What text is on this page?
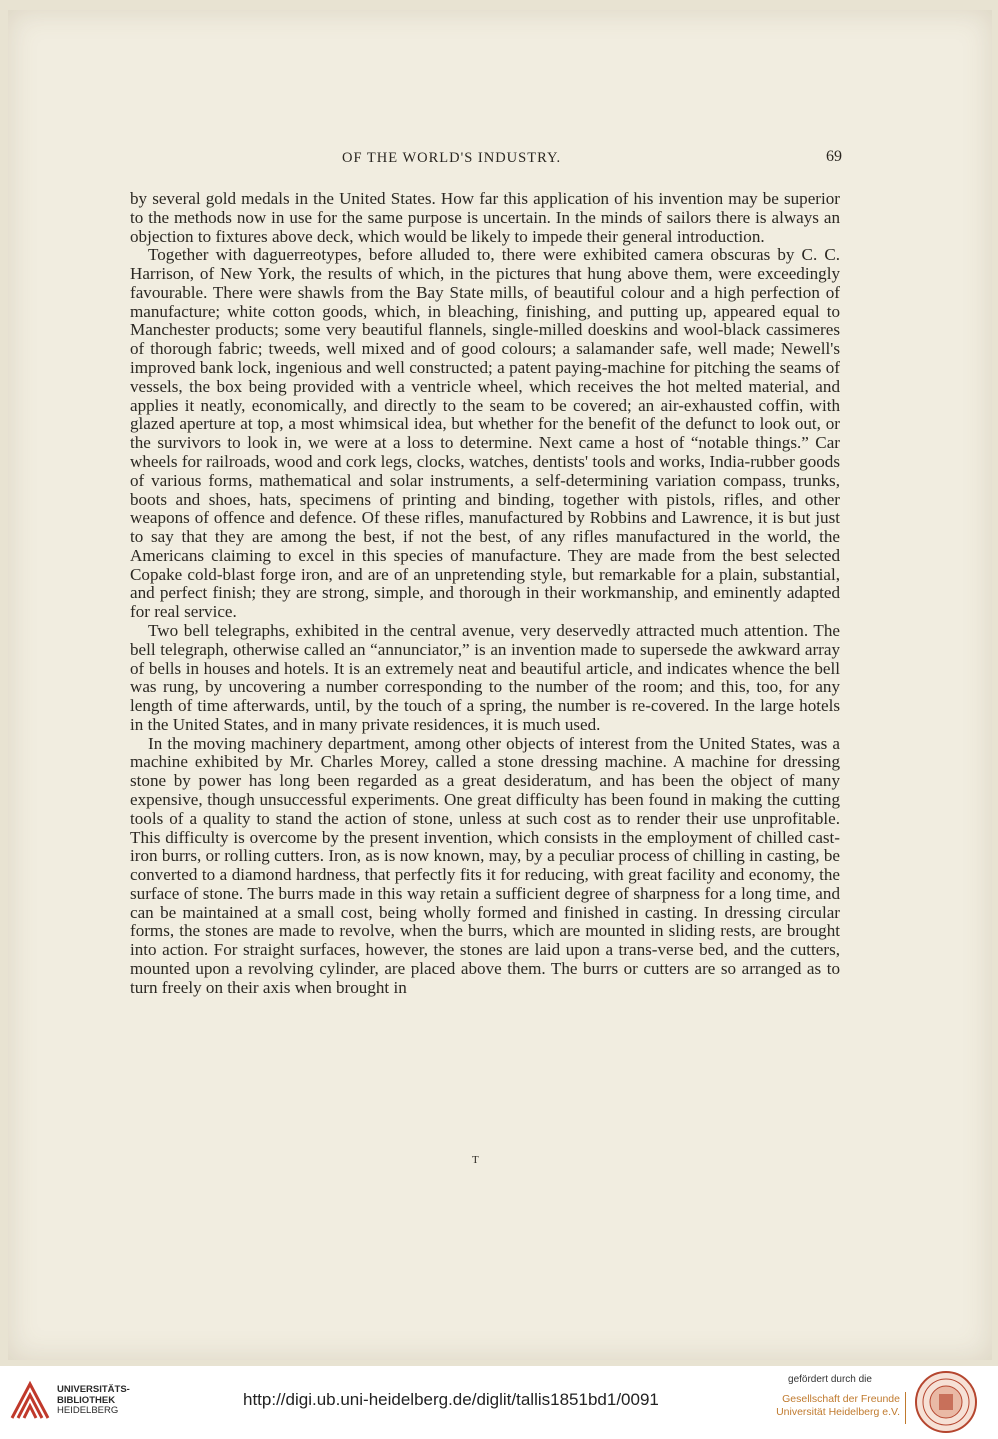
OF THE WORLD'S INDUSTRY.	69

by several gold medals in the United States. How far this application of his invention may be superior to the methods now in use for the same purpose is uncertain. In the minds of sailors there is always an objection to fixtures above deck, which would be likely to impede their general introduction.

Together with daguerreotypes, before alluded to, there were exhibited camera obscuras by C. C. Harrison, of New York, the results of which, in the pictures that hung above them, were exceedingly favourable. There were shawls from the Bay State mills, of beautiful colour and a high perfection of manufacture; white cotton goods, which, in bleaching, finishing, and putting up, appeared equal to Manchester products; some very beautiful flannels, single-milled doeskins and wool-black cassimeres of thorough fabric; tweeds, well mixed and of good colours; a salamander safe, well made; Newell's improved bank lock, ingenious and well constructed; a patent paying-machine for pitching the seams of vessels, the box being provided with a ventricle wheel, which receives the hot melted material, and applies it neatly, economically, and directly to the seam to be covered; an air-exhausted coffin, with glazed aperture at top, a most whimsical idea, but whether for the benefit of the defunct to look out, or the survivors to look in, we were at a loss to determine. Next came a host of “notable things.” Car wheels for railroads, wood and cork legs, clocks, watches, dentists' tools and works, India-rubber goods of various forms, mathematical and solar instruments, a self-determining variation compass, trunks, boots and shoes, hats, specimens of printing and binding, together with pistols, rifles, and other weapons of offence and defence. Of these rifles, manufactured by Robbins and Lawrence, it is but just to say that they are among the best, if not the best, of any rifles manufactured in the world, the Americans claiming to excel in this species of manufacture. They are made from the best selected Copake cold-blast forge iron, and are of an unpretending style, but remarkable for a plain, substantial, and perfect finish; they are strong, simple, and thorough in their workmanship, and eminently adapted for real service.

Two bell telegraphs, exhibited in the central avenue, very deservedly attracted much attention. The bell telegraph, otherwise called an “annunciator,” is an invention made to supersede the awkward array of bells in houses and hotels. It is an extremely neat and beautiful article, and indicates whence the bell was rung, by uncovering a number corresponding to the number of the room; and this, too, for any length of time afterwards, until, by the touch of a spring, the number is re-covered. In the large hotels in the United States, and in many private residences, it is much used.

In the moving machinery department, among other objects of interest from the United States, was a machine exhibited by Mr. Charles Morey, called a stone dressing machine. A machine for dressing stone by power has long been regarded as a great desideratum, and has been the object of many expensive, though unsuccessful experiments. One great difficulty has been found in making the cutting tools of a quality to stand the action of stone, unless at such cost as to render their use unprofitable. This difficulty is overcome by the present invention, which consists in the employment of chilled cast-iron burrs, or rolling cutters. Iron, as is now known, may, by a peculiar process of chilling in casting, be converted to a diamond hardness, that perfectly fits it for reducing, with great facility and economy, the surface of stone. The burrs made in this way retain a sufficient degree of sharpness for a long time, and can be maintained at a small cost, being wholly formed and finished in casting. In dressing circular forms, the stones are made to revolve, when the burrs, which are mounted in sliding rests, are brought into action. For straight surfaces, however, the stones are laid upon a trans-verse bed, and the cutters, mounted upon a revolving cylinder, are placed above them. The burrs or cutters are so arranged as to turn freely on their axis when brought in

T
UNIVERSITÄTS-
BIBLIOTHEK
HEIDELBERG
http://digi.ub.uni-heidelberg.de/diglit/tallis1851bd1/0091
gefördert durch die
Gesellschaft der Freunde
Universität Heidelberg e.V.
